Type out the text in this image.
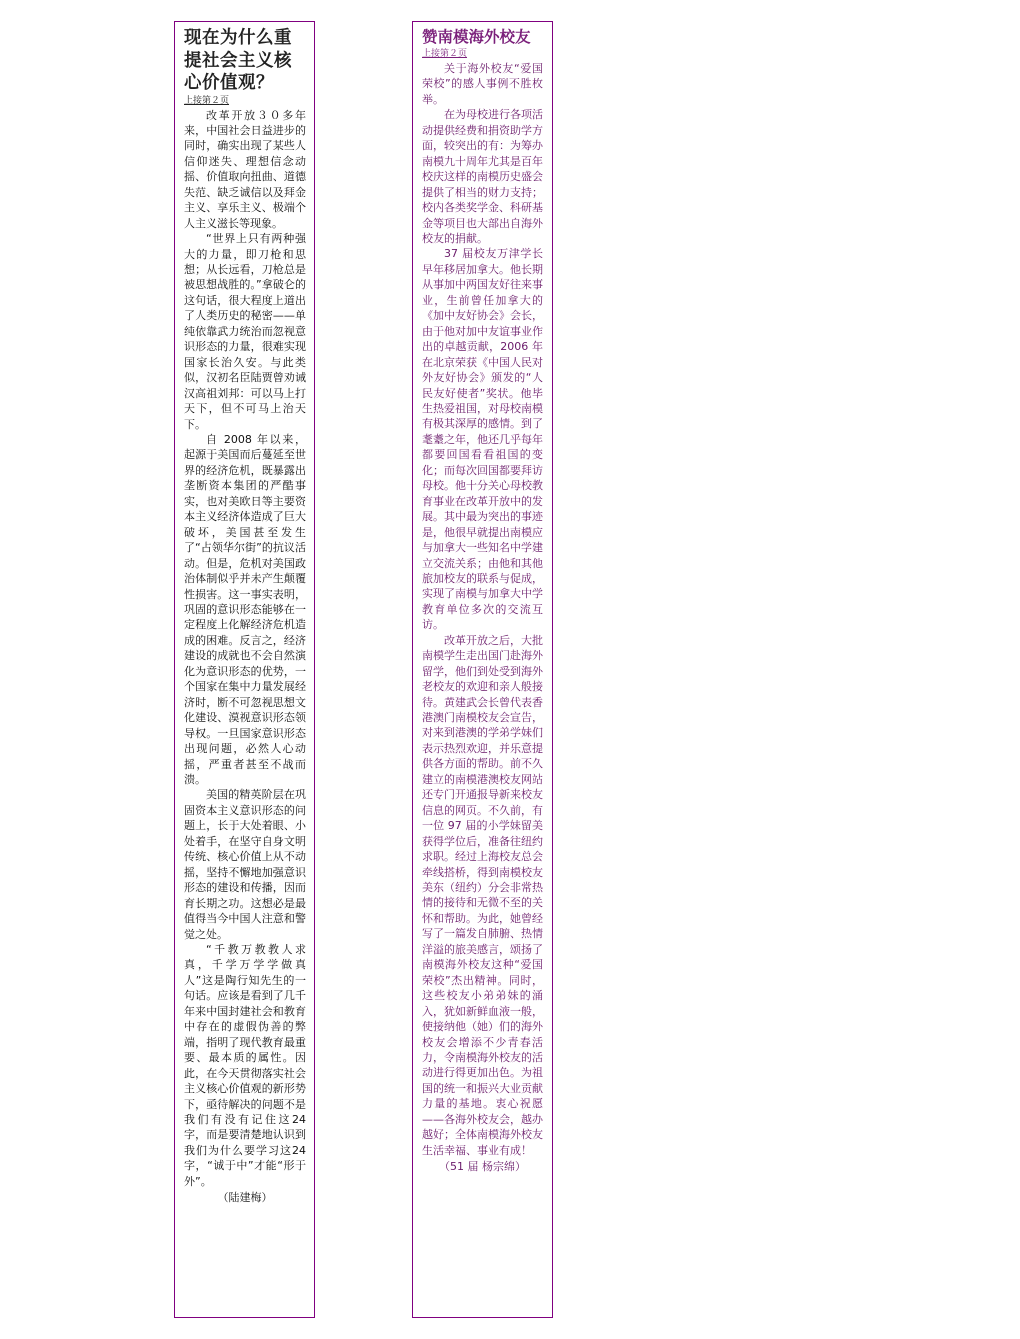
现在为什么重提社会主义核心价值观？
上接第２页

改革开放３０多年来，中国社会日益进步的同时，确实出现了某些人信仰迷失、理想信念动摇、价值取向扭曲、道德失范、缺乏诚信以及拜金主义、享乐主义、极端个人主义滋长等现象。

“世界上只有两种强大的力量，即刀枪和思想；从长远看，刀枪总是被思想战胜的。”拿破仑的这句话，很大程度上道出了人类历史的秘密——单纯依靠武力统治而忽视意识形态的力量，很难实现国家长治久安。与此类似，汉初名臣陆贾曾劝诫汉高祖刘邦：可以马上打天下，但不可马上治天下。

自 2008 年以来，起源于美国而后蔓延至世界的经济危机，既暴露出垄断资本集团的严酷事实，也对美欧日等主要资本主义经济体造成了巨大破坏，美国甚至发生了“占领华尔街”的抗议活动。但是，危机对美国政治体制似乎并未产生颠覆性损害。这一事实表明，巩固的意识形态能够在一定程度上化解经济危机造成的困难。反言之，经济建设的成就也不会自然演化为意识形态的优势，一个国家在集中力量发展经济时，断不可忽视思想文化建设、漠视意识形态领导权。一旦国家意识形态出现问题，必然人心动摇，严重者甚至不战而溃。

美国的精英阶层在巩固资本主义意识形态的问题上，长于大处着眼、小处着手，在坚守自身文明传统、核心价值上从不动摇，坚持不懈地加强意识形态的建设和传播，因而育长期之功。这想必是最值得当今中国人注意和警觉之处。

“千教万教教人求真，千学万学学做真人”这是陶行知先生的一句话。应该是看到了几千年来中国封建社会和教育中存在的虚假伪善的弊端，指明了现代教育最重要、最本质的属性。因此，在今天贯彻落实社会主义核心价值观的新形势下，亟待解决的问题不是我们有没有记住这24字，而是要清楚地认识到我们为什么要学习这24字，“诚于中”才能“形于外”。

（陆建梅）
赞南模海外校友
上接第２页

关于海外校友“爱国荣校”的感人事例不胜枚举。

在为母校进行各项活动提供经费和捐资助学方面，较突出的有：为筹办南模九十周年尤其是百年校庆这样的南模历史盛会提供了相当的财力支持；校内各类奖学金、科研基金等项目也大部出自海外校友的捐献。

37 届校友万津学长早年移居加拿大。他长期从事加中两国友好往来事业，生前曾任加拿大的《加中友好协会》会长，由于他对加中友谊事业作出的卓越贡献，2006 年在北京荣获《中国人民对外友好协会》颁发的“人民友好使者”奖状。他毕生热爱祖国，对母校南模有极其深厚的感情。到了耄耋之年，他还几乎每年都要回国看看祖国的变化；而每次回国都要拜访母校。他十分关心母校教育事业在改革开放中的发展。其中最为突出的事迹是，他很早就提出南模应与加拿大一些知名中学建立交流关系；由他和其他旅加校友的联系与促成，实现了南模与加拿大中学教育单位多次的交流互访。

改革开放之后，大批南模学生走出国门赴海外留学，他们到处受到海外老校友的欢迎和亲人般接待。黄建武会长曾代表香港澳门南模校友会宣告，对来到港澳的学弟学妹们表示热烈欢迎，并乐意提供各方面的帮助。前不久建立的南模港澳校友网站还专门开通报导新来校友信息的网页。不久前，有一位 97 届的小学妹留美获得学位后，准备往纽约求职。经过上海校友总会牵线搭桥，得到南模校友美东（纽约）分会非常热情的接待和无微不至的关怀和帮助。为此，她曾经写了一篇发自肺腑、热情洋溢的旅美感言，颂扬了南模海外校友这种“爱国荣校”杰出精神。同时，这些校友小弟弟妹的涌入，犹如新鲜血液一般，使接纳他（她）们的海外校友会增添不少青春活力，令南模海外校友的活动进行得更加出色。为祖国的统一和振兴大业贡献力量的基地。衷心祝愿——各海外校友会，越办越好；全体南模海外校友生活幸福、事业有成！

（51 届 杨宗绵）
